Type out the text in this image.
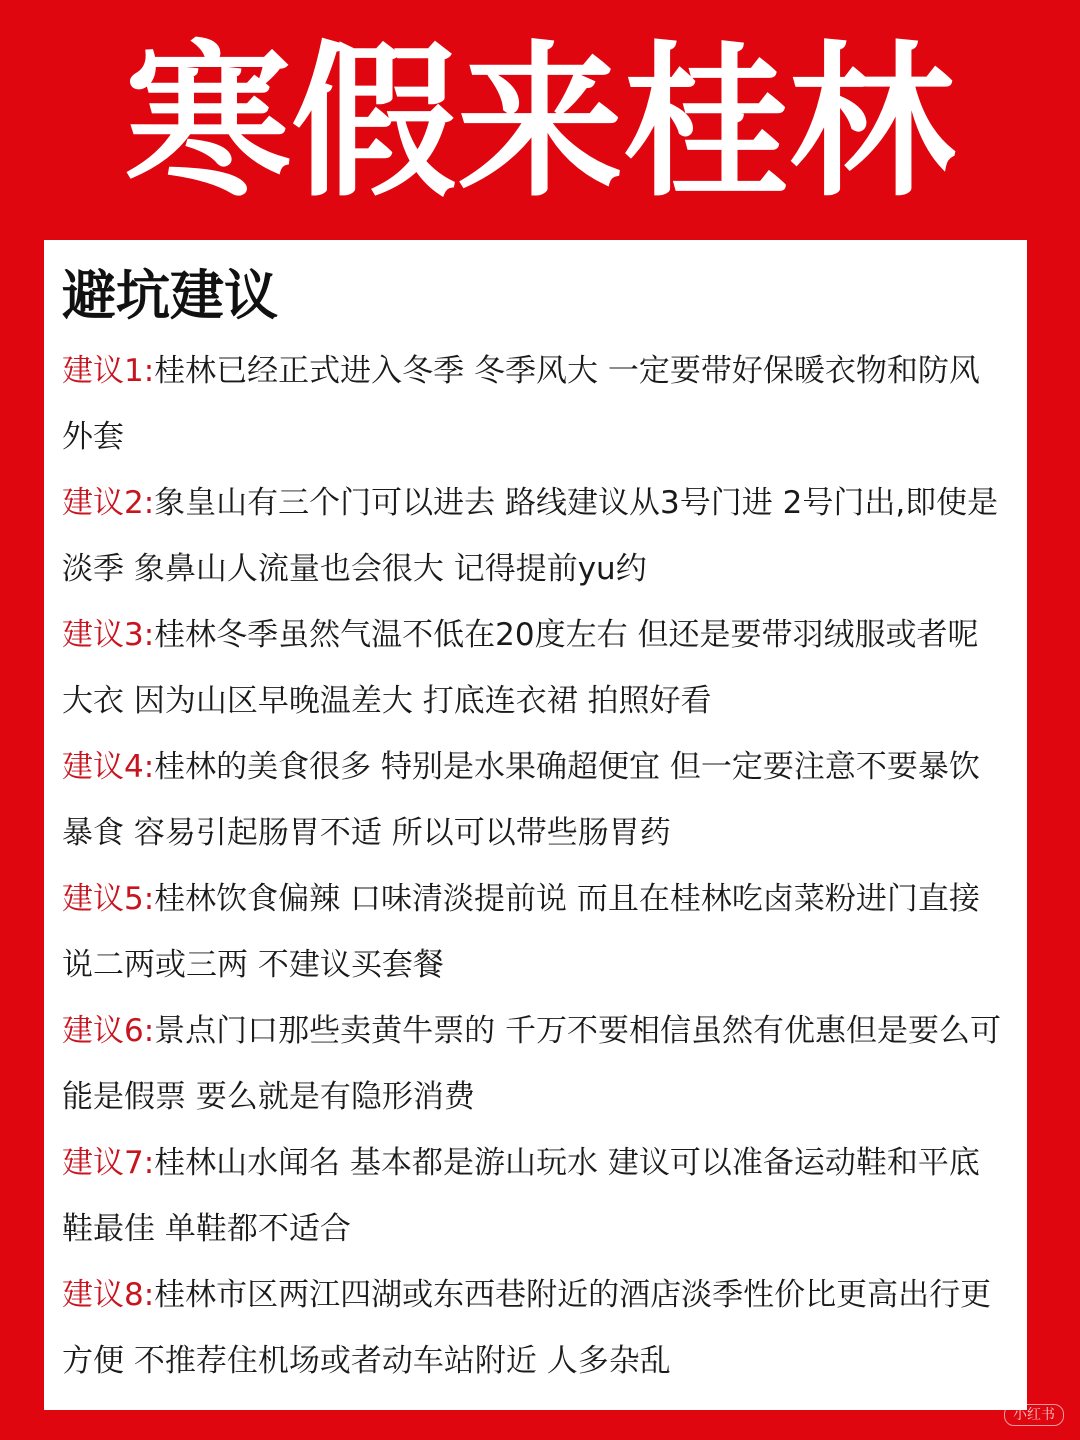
寒假来桂林
避坑建议
建议1:桂林已经正式进入冬季 冬季风大 一定要带好保暖衣物和防风外套
建议2:象皇山有三个门可以进去 路线建议从3号门进 2号门出,即使是淡季 象鼻山人流量也会很大 记得提前yu约
建议3:桂林冬季虽然气温不低在20度左右 但还是要带羽绒服或者呢大衣 因为山区早晚温差大 打底连衣裙 拍照好看
建议4:桂林的美食很多 特别是水果确超便宜 但一定要注意不要暴饮暴食 容易引起肠胃不适 所以可以带些肠胃药
建议5:桂林饮食偏辣 口味清淡提前说 而且在桂林吃卤菜粉进门直接说二两或三两 不建议买套餐
建议6:景点门口那些卖黄牛票的 千万不要相信虽然有优惠但是要么可能是假票 要么就是有隐形消费
建议7:桂林山水闻名 基本都是游山玩水 建议可以准备运动鞋和平底鞋最佳 单鞋都不适合
建议8:桂林市区两江四湖或东西巷附近的酒店淡季性价比更高出行更方便 不推荐住机场或者动车站附近 人多杂乱
小红书
